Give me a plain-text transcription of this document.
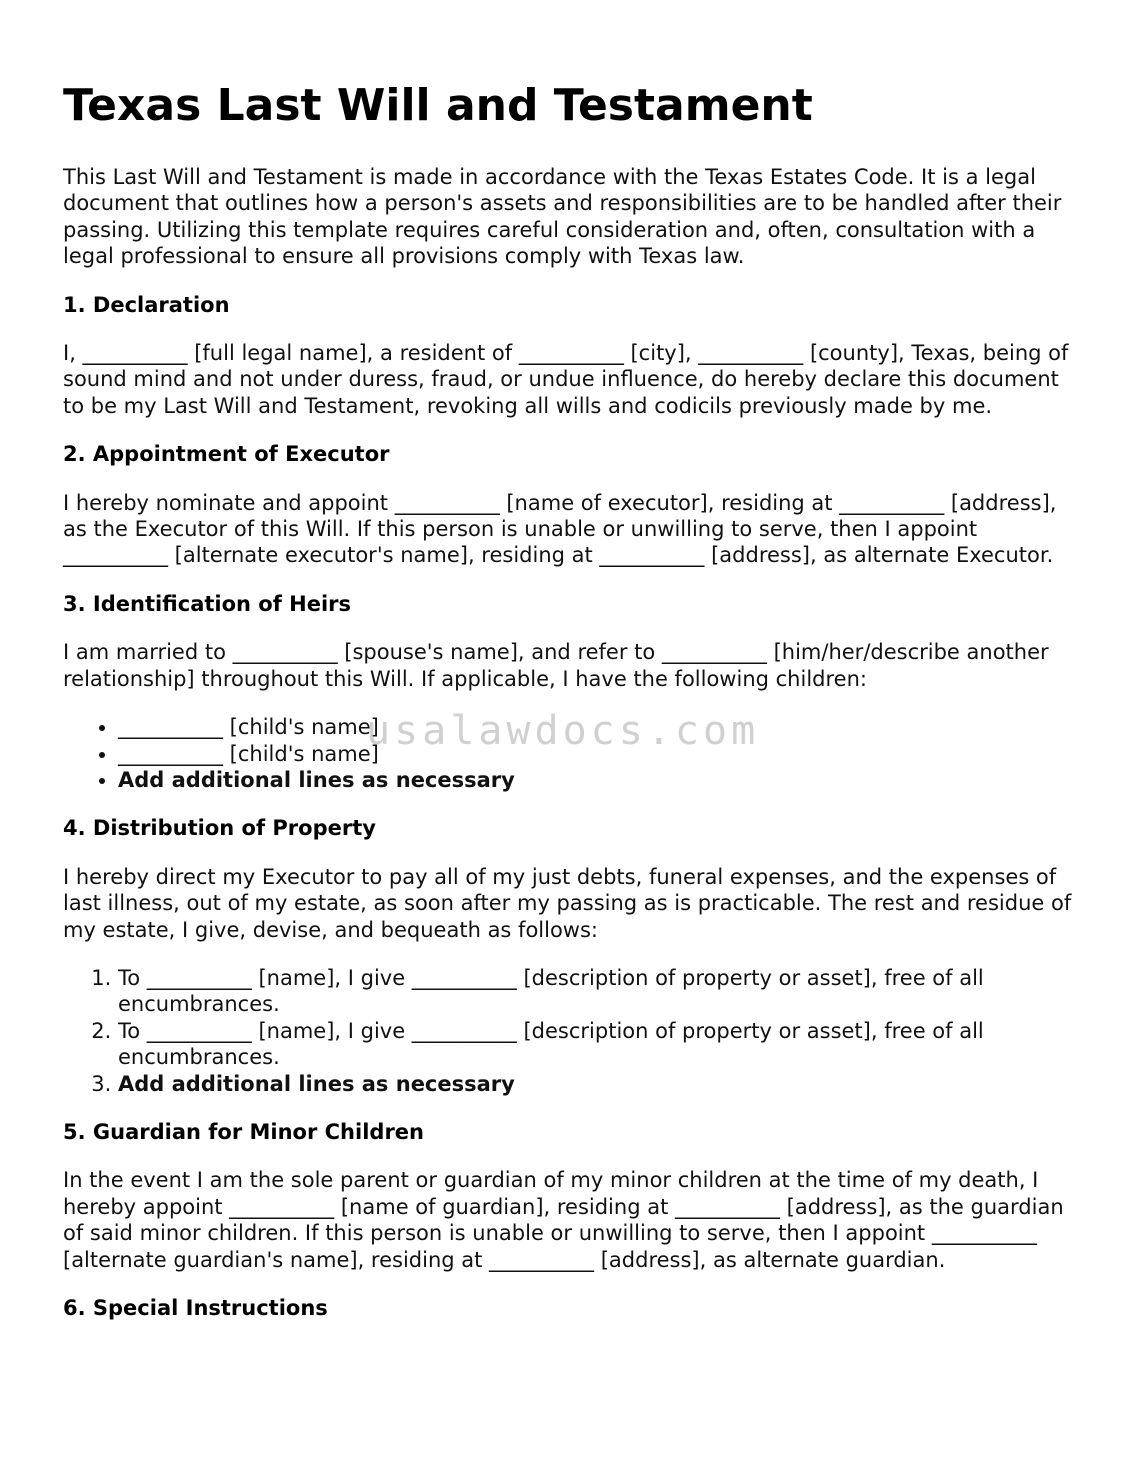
Texas Last Will and Testament

This Last Will and Testament is made in accordance with the Texas Estates Code. It is a legal document that outlines how a person's assets and responsibilities are to be handled after their passing. Utilizing this template requires careful consideration and, often, consultation with a legal professional to ensure all provisions comply with Texas law.

1. Declaration

I, __________ [full legal name], a resident of __________ [city], __________ [county], Texas, being of sound mind and not under duress, fraud, or undue influence, do hereby declare this document to be my Last Will and Testament, revoking all wills and codicils previously made by me.

2. Appointment of Executor

I hereby nominate and appoint __________ [name of executor], residing at __________ [address], as the Executor of this Will. If this person is unable or unwilling to serve, then I appoint __________ [alternate executor's name], residing at __________ [address], as alternate Executor.

3. Identification of Heirs

I am married to __________ [spouse's name], and refer to __________ [him/her/describe another relationship] throughout this Will. If applicable, I have the following children:

• __________ [child's name]
• __________ [child's name]
• Add additional lines as necessary
4. Distribution of Property

I hereby direct my Executor to pay all of my just debts, funeral expenses, and the expenses of last illness, out of my estate, as soon after my passing as is practicable. The rest and residue of my estate, I give, devise, and bequeath as follows:

1. To __________ [name], I give __________ [description of property or asset], free of all encumbrances.
2. To __________ [name], I give __________ [description of property or asset], free of all encumbrances.
3. Add additional lines as necessary
5. Guardian for Minor Children

In the event I am the sole parent or guardian of my minor children at the time of my death, I hereby appoint __________ [name of guardian], residing at __________ [address], as the guardian of said minor children. If this person is unable or unwilling to serve, then I appoint __________ [alternate guardian's name], residing at __________ [address], as alternate guardian.

6. Special Instructions
usalawdocs.com
